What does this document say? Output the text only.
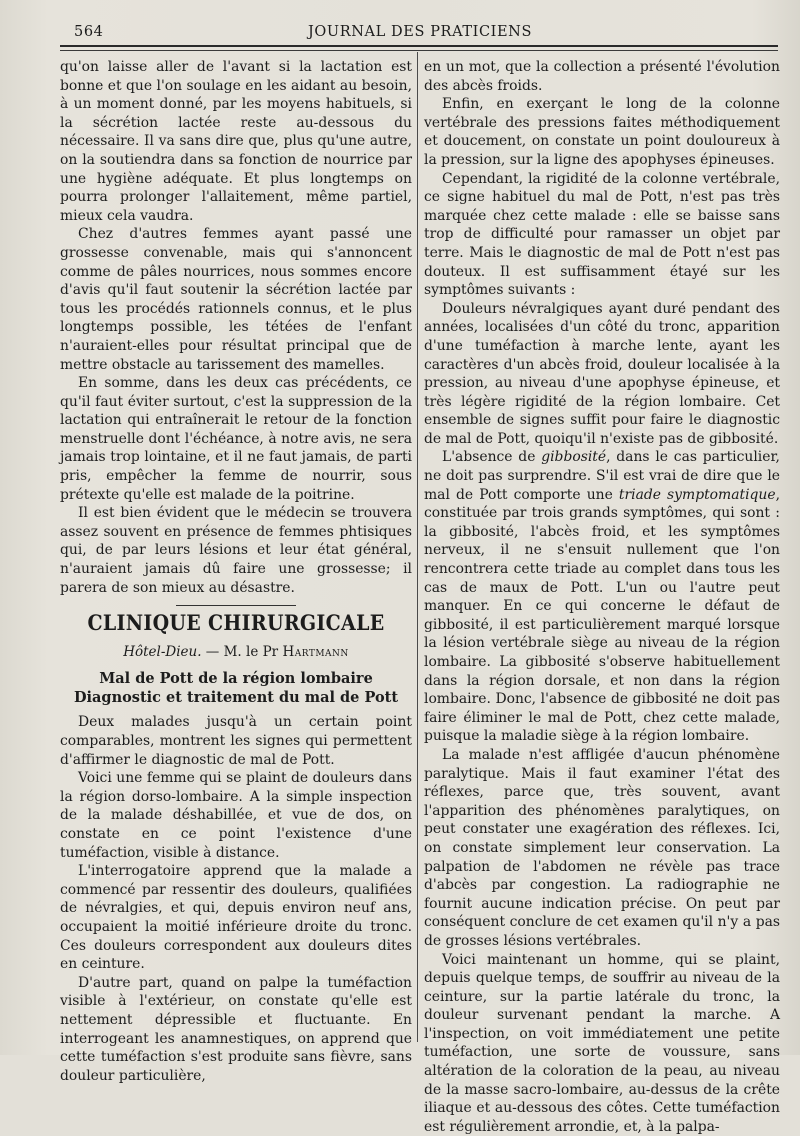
564	JOURNAL DES PRATICIENS

qu'on laisse aller de l'avant si la lactation est bonne et que l'on soulage en les aidant au besoin, à un moment donné, par les moyens habituels, si la sécrétion lactée reste au-dessous du nécessaire. Il va sans dire que, plus qu'une autre, on la soutiendra dans sa fonction de nourrice par une hygiène adéquate. Et plus longtemps on pourra prolonger l'allaitement, même partiel, mieux cela vaudra.

Chez d'autres femmes ayant passé une grossesse convenable, mais qui s'annoncent comme de pâles nourrices, nous sommes encore d'avis qu'il faut soutenir la sécrétion lactée par tous les procédés rationnels connus, et le plus longtemps possible, les tétées de l'enfant n'auraient-elles pour résultat principal que de mettre obstacle au tarissement des mamelles.

En somme, dans les deux cas précédents, ce qu'il faut éviter surtout, c'est la suppression de la lactation qui entraînerait le retour de la fonction menstruelle dont l'échéance, à notre avis, ne sera jamais trop lointaine, et il ne faut jamais, de parti pris, empêcher la femme de nourrir, sous prétexte qu'elle est malade de la poitrine.

Il est bien évident que le médecin se trouvera assez souvent en présence de femmes phtisiques qui, de par leurs lésions et leur état général, n'auraient jamais dû faire une grossesse; il parera de son mieux au désastre.

CLINIQUE CHIRURGICALE
Hôtel-Dieu. — M. le Pr Hartmann
Mal de Pott de la région lombaire
Diagnostic et traitement du mal de Pott

Deux malades jusqu'à un certain point comparables, montrent les signes qui permettent d'affirmer le diagnostic de mal de Pott.

Voici une femme qui se plaint de douleurs dans la région dorso-lombaire. A la simple inspection de la malade déshabillée, et vue de dos, on constate en ce point l'existence d'une tuméfaction, visible à distance.

L'interrogatoire apprend que la malade a commencé par ressentir des douleurs, qualifiées de névralgies, et qui, depuis environ neuf ans, occupaient la moitié inférieure droite du tronc. Ces douleurs correspondent aux douleurs dites en ceinture.

D'autre part, quand on palpe la tuméfaction visible à l'extérieur, on constate qu'elle est nettement dépressible et fluctuante. En interrogeant les anamnestiques, on apprend que cette tuméfaction s'est produite sans fièvre, sans douleur particulière,

en un mot, que la collection a présenté l'évolution des abcès froids.

Enfin, en exerçant le long de la colonne vertébrale des pressions faites méthodiquement et doucement, on constate un point douloureux à la pression, sur la ligne des apophyses épineuses.

Cependant, la rigidité de la colonne vertébrale, ce signe habituel du mal de Pott, n'est pas très marquée chez cette malade : elle se baisse sans trop de difficulté pour ramasser un objet par terre. Mais le diagnostic de mal de Pott n'est pas douteux. Il est suffisamment étayé sur les symptômes suivants :

Douleurs névralgiques ayant duré pendant des années, localisées d'un côté du tronc, apparition d'une tuméfaction à marche lente, ayant les caractères d'un abcès froid, douleur localisée à la pression, au niveau d'une apophyse épineuse, et très légère rigidité de la région lombaire. Cet ensemble de signes suffit pour faire le diagnostic de mal de Pott, quoiqu'il n'existe pas de gibbosité.

L'absence de gibbosité, dans le cas particulier, ne doit pas surprendre. S'il est vrai de dire que le mal de Pott comporte une triade symptomatique, constituée par trois grands symptômes, qui sont : la gibbosité, l'abcès froid, et les symptômes nerveux, il ne s'ensuit nullement que l'on rencontrera cette triade au complet dans tous les cas de maux de Pott. L'un ou l'autre peut manquer. En ce qui concerne le défaut de gibbosité, il est particulièrement marqué lorsque la lésion vertébrale siège au niveau de la région lombaire. La gibbosité s'observe habituellement dans la région dorsale, et non dans la région lombaire. Donc, l'absence de gibbosité ne doit pas faire éliminer le mal de Pott, chez cette malade, puisque la maladie siège à la région lombaire.

La malade n'est affligée d'aucun phénomène paralytique. Mais il faut examiner l'état des réflexes, parce que, très souvent, avant l'apparition des phénomènes paralytiques, on peut constater une exagération des réflexes. Ici, on constate simplement leur conservation. La palpation de l'abdomen ne révèle pas trace d'abcès par congestion. La radiographie ne fournit aucune indication précise. On peut par conséquent conclure de cet examen qu'il n'y a pas de grosses lésions vertébrales.

Voici maintenant un homme, qui se plaint, depuis quelque temps, de souffrir au niveau de la ceinture, sur la partie latérale du tronc, la douleur survenant pendant la marche. A l'inspection, on voit immédiatement une petite tuméfaction, une sorte de voussure, sans altération de la coloration de la peau, au niveau de la masse sacro-lombaire, au-dessus de la crête iliaque et au-dessous des côtes. Cette tuméfaction est régulièrement arrondie, et, à la palpa-
